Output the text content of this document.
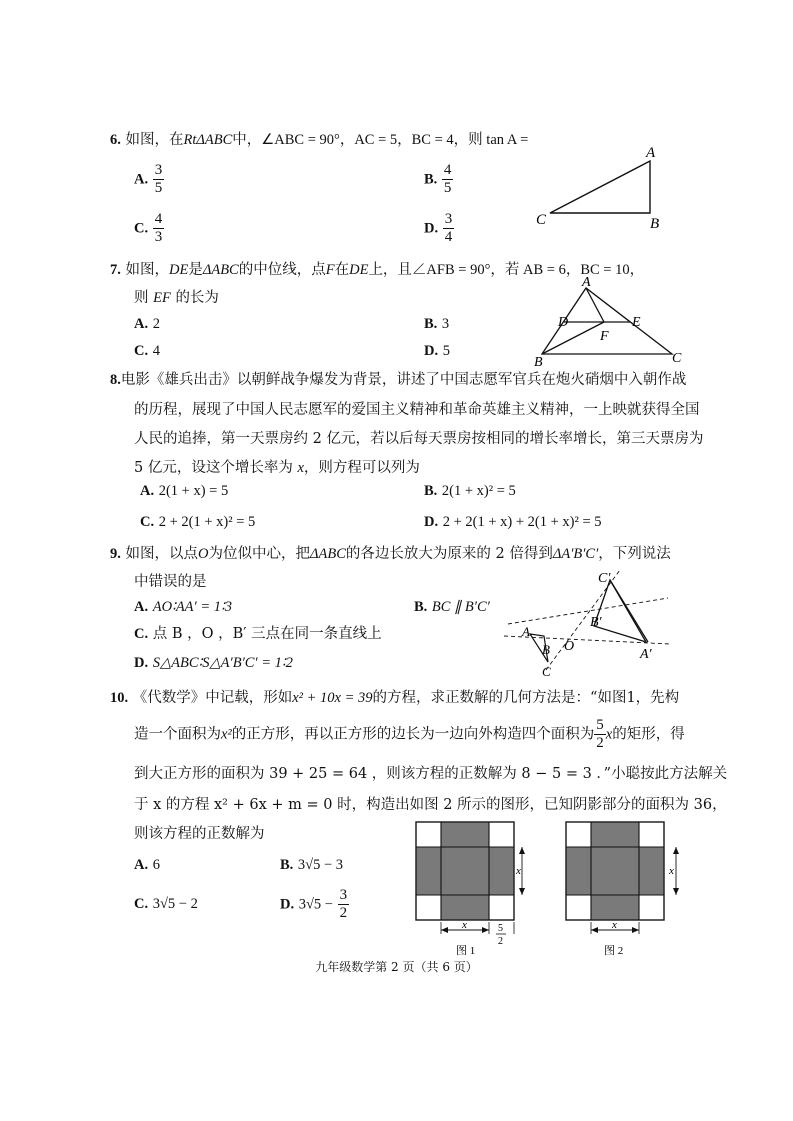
6. 如图，在RtΔABC中，∠ABC = 90°，AC = 5，BC = 4，则 tan A =
A. $\frac{3}{5}$	B. $\frac{4}{5}$
C. $\frac{4}{3}$	D. $\frac{3}{4}$
A
B
C
7. 如图，DE是ΔABC的中位线，点F在DE上，且∠AFB = 90°，若 AB = 6，BC = 10，
则 EF 的长为
A. 2	B. 3
C. 4	D. 5
A
B	C
D	E
F
8.电影《雄兵出击》以朝鲜战争爆发为背景，讲述了中国志愿军官兵在炮火硝烟中入朝作战
的历程，展现了中国人民志愿军的爱国主义精神和革命英雄主义精神，一上映就获得全国
人民的追捧，第一天票房约 2 亿元，若以后每天票房按相同的增长率增长，第三天票房为
5 亿元，设这个增长率为 x，则方程可以列为
A. 2(1 + x) = 5	B. 2(1 + x)² = 5
C. 2 + 2(1 + x)² = 5	D. 2 + 2(1 + x) + 2(1 + x)² = 5
9. 如图，以点O为位似中心，把ΔABC的各边长放大为原来的 2 倍得到ΔA′B′C′，下列说法
中错误的是
A. AO∶AA′ = 1∶3	B. BC ∥ B′C′
C. 点 B ，O ，B′ 三点在同一条直线上
D. S△ABC∶S△A′B′C′ = 1∶2
A
B
C
O
A′
B′
C′
10. 《代数学》中记载，形如x² + 10x = 39的方程，求正数解的几何方法是：“如图1，先构
造一个面积为x²的正方形，再以正方形的边长为一边向外构造四个面积为 $\frac{5}{2}$ x的矩形，得
到大正方形的面积为 39 + 25 = 64 ，则该方程的正数解为 8 − 5 = 3 ．”小聪按此方法解关
于 x 的方程 x² + 6x + m = 0 时，构造出如图 2 所示的图形，已知阴影部分的面积为 36，
则该方程的正数解为
A. 6	B. 3√5 − 3
C. 3√5 − 2	D. $3√5 - \frac{3}{2}$
x
x	5
2
图 1
x
x
图 2
九年级数学第 2 页（共 6 页）
